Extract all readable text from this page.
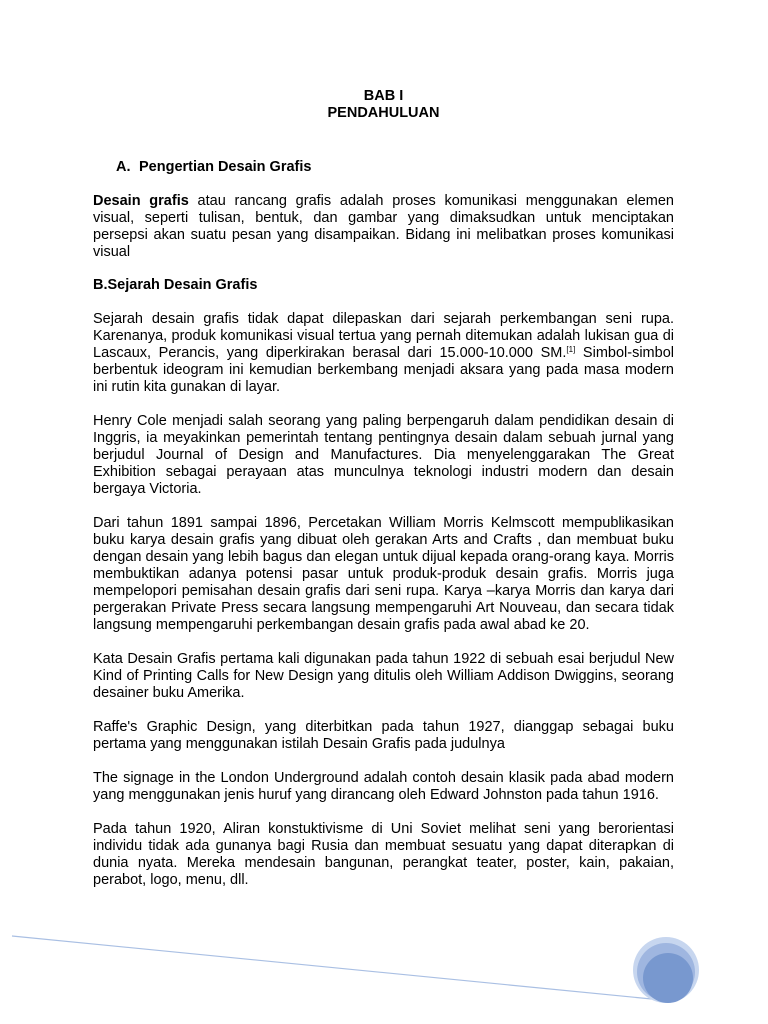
BAB I
PENDAHULUAN
A. Pengertian Desain Grafis

Desain grafis atau rancang grafis adalah proses komunikasi menggunakan elemen visual, seperti tulisan, bentuk, dan gambar yang dimaksudkan untuk menciptakan persepsi akan suatu pesan yang disampaikan. Bidang ini melibatkan proses komunikasi visual

B.Sejarah Desain Grafis

Sejarah desain grafis tidak dapat dilepaskan dari sejarah perkembangan seni rupa. Karenanya, produk komunikasi visual tertua yang pernah ditemukan adalah lukisan gua di Lascaux, Perancis, yang diperkirakan berasal dari 15.000-10.000 SM.[1] Simbol-simbol berbentuk ideogram ini kemudian berkembang menjadi aksara yang pada masa modern ini rutin kita gunakan di layar.

Henry Cole menjadi salah seorang yang paling berpengaruh dalam pendidikan desain di Inggris, ia meyakinkan pemerintah tentang pentingnya desain dalam sebuah jurnal yang berjudul Journal of Design and Manufactures. Dia menyelenggarakan The Great Exhibition sebagai perayaan atas munculnya teknologi industri modern dan desain bergaya Victoria.

Dari tahun 1891 sampai 1896, Percetakan William Morris Kelmscott mempublikasikan buku karya desain grafis yang dibuat oleh gerakan Arts and Crafts , dan membuat buku dengan desain yang lebih bagus dan elegan untuk dijual kepada orang-orang kaya. Morris membuktikan adanya potensi pasar untuk produk-produk desain grafis. Morris juga mempelopori pemisahan desain grafis dari seni rupa. Karya –karya Morris dan karya dari pergerakan Private Press secara langsung mempengaruhi Art Nouveau, dan secara tidak langsung mempengaruhi perkembangan desain grafis pada awal abad ke 20.

Kata Desain Grafis pertama kali digunakan pada tahun 1922 di sebuah esai berjudul New Kind of Printing Calls for New Design yang ditulis oleh William Addison Dwiggins, seorang desainer buku Amerika.

Raffe's Graphic Design, yang diterbitkan pada tahun 1927, dianggap sebagai buku pertama yang menggunakan istilah Desain Grafis pada judulnya

The signage in the London Underground adalah contoh desain klasik pada abad modern yang menggunakan jenis huruf yang dirancang oleh Edward Johnston pada tahun 1916.

Pada tahun 1920, Aliran konstuktivisme di Uni Soviet melihat seni yang berorientasi individu tidak ada gunanya bagi Rusia dan membuat sesuatu yang dapat diterapkan di dunia nyata. Mereka mendesain bangunan, perangkat teater, poster, kain, pakaian, perabot, logo, menu, dll.
